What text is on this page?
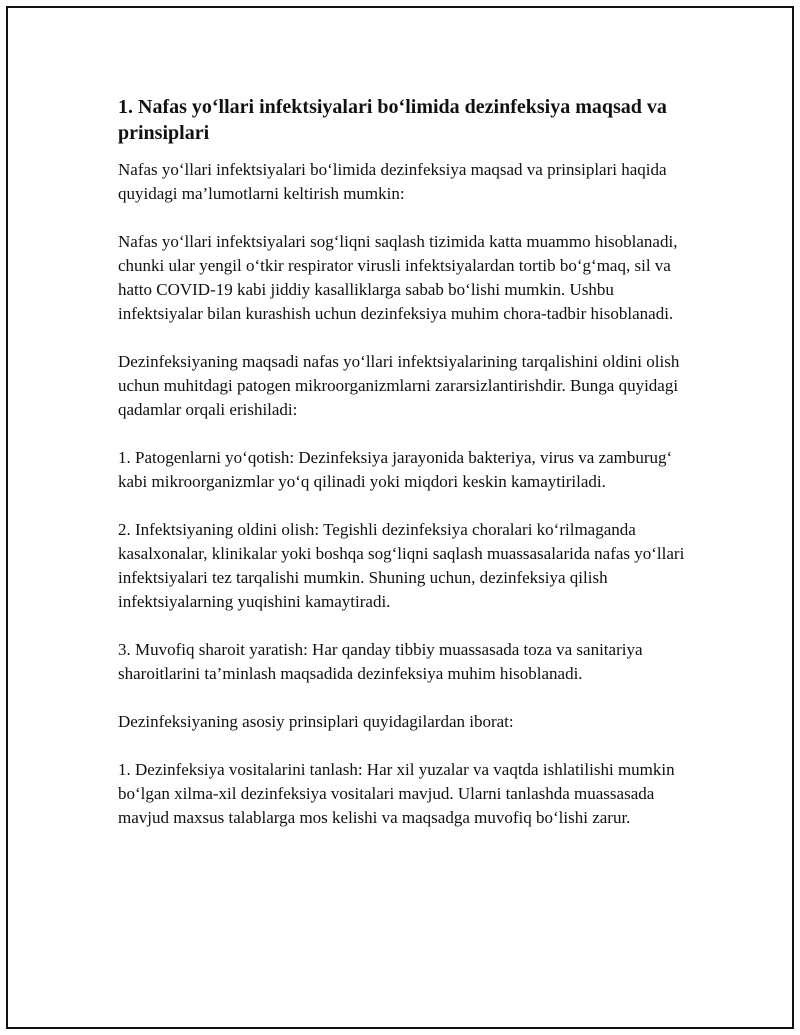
1. Nafas yo‘llari infektsiyalari bo‘limida dezinfeksiya maqsad va prinsiplari

Nafas yo‘llari infektsiyalari bo‘limida dezinfeksiya maqsad va prinsiplari haqida quyidagi ma’lumotlarni keltirish mumkin:

Nafas yo‘llari infektsiyalari sog‘liqni saqlash tizimida katta muammo hisoblanadi, chunki ular yengil o‘tkir respirator virusli infektsiyalardan tortib bo‘g‘maq, sil va hatto COVID-19 kabi jiddiy kasalliklarga sabab bo‘lishi mumkin. Ushbu infektsiyalar bilan kurashish uchun dezinfeksiya muhim chora-tadbir hisoblanadi.

Dezinfeksiyaning maqsadi nafas yo‘llari infektsiyalarining tarqalishini oldini olish uchun muhitdagi patogen mikroorganizmlarni zararsizlantirishdir. Bunga quyidagi qadamlar orqali erishiladi:

1. Patogenlarni yo‘qotish: Dezinfeksiya jarayonida bakteriya, virus va zamburug‘ kabi mikroorganizmlar yo‘q qilinadi yoki miqdori keskin kamaytiriladi.

2. Infektsiyaning oldini olish: Tegishli dezinfeksiya choralari ko‘rilmaganda kasalxonalar, klinikalar yoki boshqa sog‘liqni saqlash muassasalarida nafas yo‘llari infektsiyalari tez tarqalishi mumkin. Shuning uchun, dezinfeksiya qilish infektsiyalarning yuqishini kamaytiradi.

3. Muvofiq sharoit yaratish: Har qanday tibbiy muassasada toza va sanitariya sharoitlarini ta’minlash maqsadida dezinfeksiya muhim hisoblanadi.

Dezinfeksiyaning asosiy prinsiplari quyidagilardan iborat:

1. Dezinfeksiya vositalarini tanlash: Har xil yuzalar va vaqtda ishlatilishi mumkin bo‘lgan xilma-xil dezinfeksiya vositalari mavjud. Ularni tanlashda muassasada mavjud maxsus talablarga mos kelishi va maqsadga muvofiq bo‘lishi zarur.
